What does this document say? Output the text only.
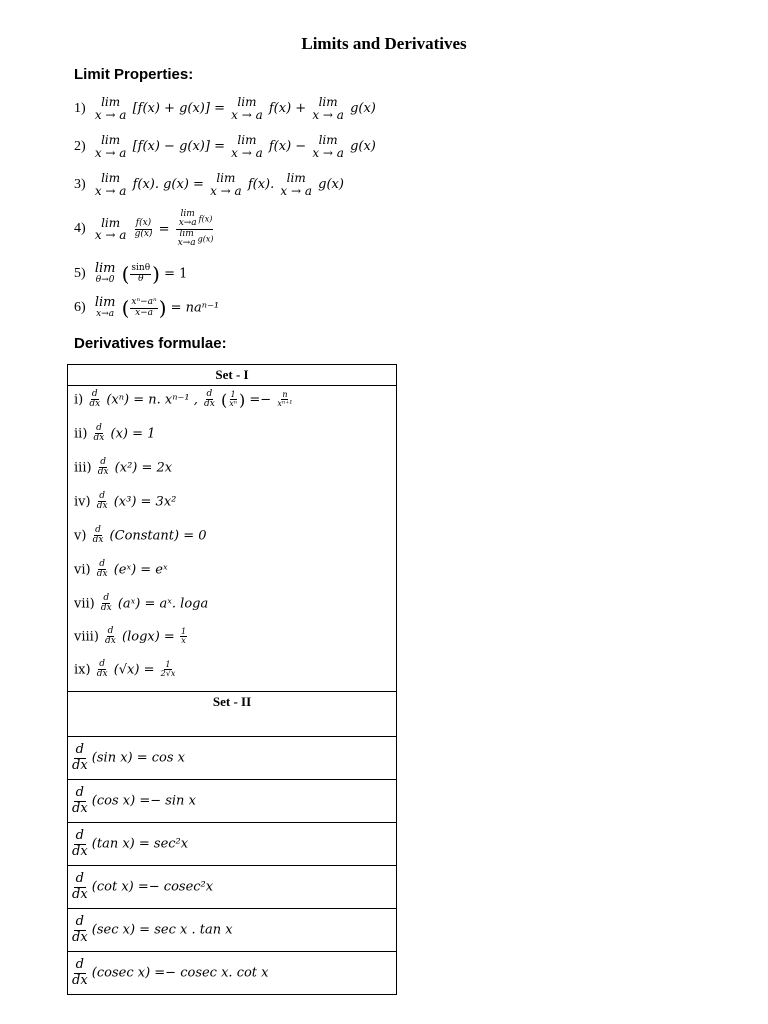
Limits and Derivatives
Limit Properties:
1) lim
x → a [f(x) + g(x)] = lim
x → a f(x) + lim
x → a g(x)
2) lim
x → a [f(x) − g(x)] = lim
x → a f(x) − lim
x → a g(x)
3) lim
x → a f(x). g(x) = lim
x → a f(x). lim
x → a g(x)
4) lim
x → a
$\frac{f(x)}{g(x)} = \lim$
x→a f(x)
lim
x→a g(x)
5) lim
θ→0 ( $\frac{\sin\theta}{\theta}$ ) = 1
6) lim
x→a ( $\frac{\text{xⁿ−aⁿ}}{x-a}$ ) = naⁿ⁻¹
Derivatives formulae:
Set - I

$i) \frac{d}{dx} (x^n) = n$. xⁿ⁻¹ , $\frac{d}{dx}$ ( $\frac{1}{\text{xⁿ}}$ ) =− $\frac{n}{\text{xⁿ⁺¹}}$
$ii) \frac{d}{dx} (x) = 1$
$iii) \frac{d}{dx} (x^2) = 2x$
$iv) \frac{d}{dx} (x^3) = 3x^2$
$v) \frac{d}{dx}$ (Constant) = 0
$vi) \frac{d}{dx}$ (eˣ) = eˣ
$vii) \frac{d}{dx}$ (aˣ) = aˣ. loga
viii) $\frac{d}{dx} (\log x) = \frac{1}{x}$
$ix) \frac{d}{dx} (√x) = \frac{1}{2√x}$

Set - II

$\frac{d}{dx} (\sin$ x) = cos x

$\frac{d}{dx} (\cos$ x) =− sin x

$\frac{d}{dx} (\tan$ x) = sec²x

$\frac{d}{dx} (\cot$ x) =− cosec²x

$\frac{d}{dx} (\sec$ x) = sec x . tan x

$\frac{d}{dx} (cosec$ x) =− cosec x. cot x
